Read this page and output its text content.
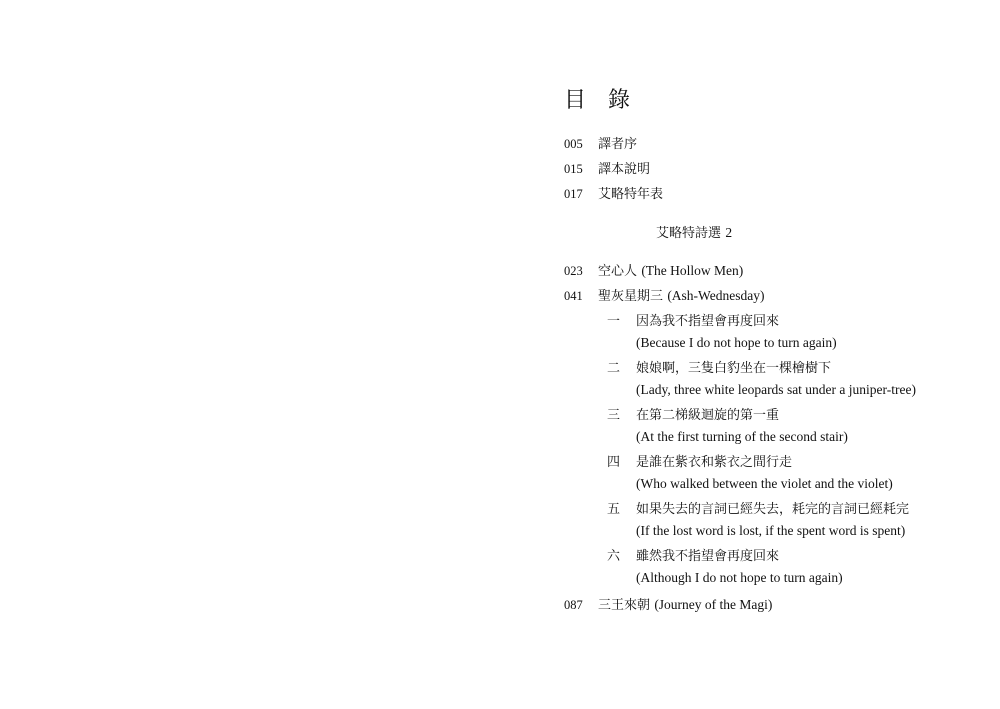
目 錄
005 譯者序
015 譯本說明
017 艾略特年表
艾略特詩選 2
023 空心人 (The Hollow Men)
041 聖灰星期三 (Ash-Wednesday)
一 因為我不指望會再度回來
(Because I do not hope to turn again)
二 娘娘啊，三隻白豹坐在一棵檜樹下
(Lady, three white leopards sat under a juniper-tree)
三 在第二梯級迴旋的第一重
(At the first turning of the second stair)
四 是誰在紫衣和紫衣之間行走
(Who walked between the violet and the violet)
五 如果失去的言詞已經失去，耗完的言詞已經耗完
(If the lost word is lost, if the spent word is spent)
六 雖然我不指望會再度回來
(Although I do not hope to turn again)
087 三王來朝 (Journey of the Magi)
